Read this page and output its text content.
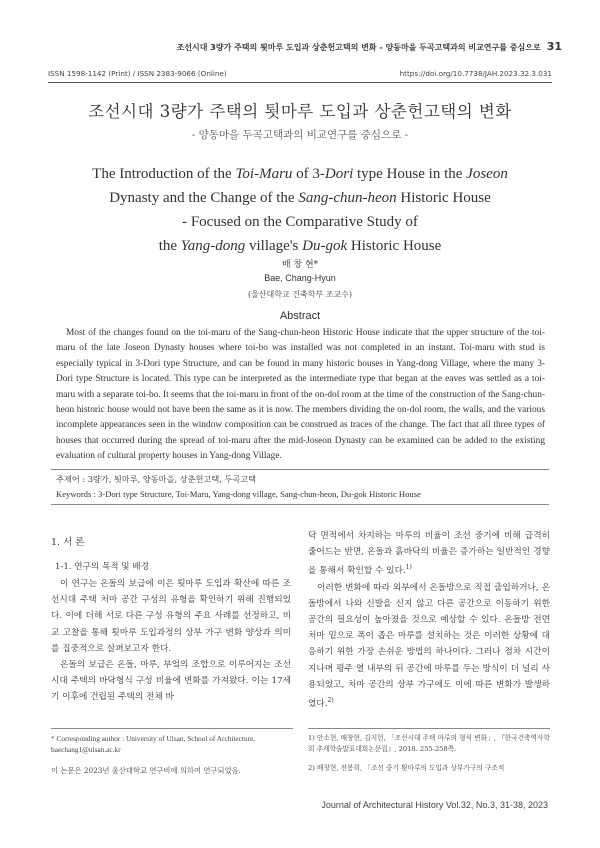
조선시대 3량가 주택의 툇마루 도입과 상춘헌고택의 변화 - 양동마을 두곡고택과의 비교연구를 중심으로 31
ISSN 1598-1142 (Print) / ISSN 2383-9066 (Online)	https://doi.org/10.7738/JAH.2023.32.3.031
조선시대 3량가 주택의 툇마루 도입과 상춘헌고택의 변화
- 양동마을 두곡고택과의 비교연구를 중심으로 -
The Introduction of the Toi-Maru of 3-Dori type House in the Joseon
Dynasty and the Change of the Sang-chun-heon Historic House
- Focused on the Comparative Study of
the Yang-dong village's Du-gok Historic House
배 창 현*
Bae, Chang-Hyun
(울산대학교 건축학부 조교수)
Abstract
Most of the changes found on the toi-maru of the Sang-chun-heon Historic House indicate that the upper structure of the toi-maru of the late Joseon Dynasty houses where toi-bo was installed was not completed in an instant. Toi-maru with stud is especially typical in 3-Dori type Structure, and can be found in many historic houses in Yang-dong Village, where the many 3-Dori type Structure is located. This type can be interpreted as the intermediate type that began at the eaves was settled as a toi-maru with a separate toi-bo. It seems that the toi-maru in front of the on-dol room at the time of the construction of the Sang-chun-heon historic house would not have been the same as it is now. The members dividing the on-dol room, the walls, and the various incomplete appearances seen in the window composition can be construed as traces of the change. The fact that all three types of houses that occurred during the spread of toi-maru after the mid-Joseon Dynasty can be examined can be added to the existing evaluation of cultural property houses in Yang-dong Village.
주제어 : 3량가, 툇마루, 양동마을, 상춘헌고택, 두곡고택
Keywords : 3-Dori type Structure, Toi-Maru, Yang-dong village, Sang-chun-heon, Du-gok Historic House
1. 서 론
1-1. 연구의 목적 및 배경

이 연구는 온돌의 보급에 이은 툇마루 도입과 확산에 따른 조선시대 주택 처마 공간 구성의 유형을 확인하기 위해 진행되었다. 이에 더해 서로 다른 구성 유형의 주요 사례를 선정하고, 비교 고찰을 통해 툇마루 도입과정의 상부 가구 변화 양상과 의미를 집중적으로 살펴보고자 한다.

온돌의 보급은 온돌, 마루, 부엌의 조합으로 이루어지는 조선시대 주택의 바닥형식 구성 비율에 변화를 가져왔다. 이는 17세기 이후에 건립된 주택의 전체 바

닥 면적에서 차지하는 마루의 비율이 조선 중기에 비해 급격히 줄어드는 반면, 온돌과 흙바닥의 비율은 증가하는 일반적인 경향을 통해서 확인할 수 있다.$^{1)}$

이러한 변화에 따라 외부에서 온돌방으로 직접 출입하거나, 온돌방에서 나와 신발을 신지 않고 다른 공간으로 이동하기 위한 공간의 필요성이 높아졌을 것으로 예상할 수 있다. 온돌방 전면 처마 밑으로 폭이 좁은 마루를 설치하는 것은 이러한 상황에 대응하기 위한 가장 손쉬운 방법의 하나이다. 그러나 점차 시간이 지나며 평주 열 내부의 뒤 공간에 마루를 두는 방식이 더 널리 사용되었고, 처마 공간의 상부 가구에도 이에 따른 변화가 발생하였다.$^{2)}$

* Corresponding author : University of Ulsan, School of Architecture, baechang1@ulsan.ac.kr
이 논문은 2023년 울산대학교 연구비에 의하여 연구되었음.

1) 안소현, 배창현, 김지헌, 「조선시대 주택 마루의 형식 변화」, 『한국건축역사학회 추계학술발표대회논문집』, 2018. 255-258쪽.

2) 배창현, 전봉희, 「조선 중기 툇마루의 도입과 상부가구의 구조적

Journal of Architectural History Vol.32, No.3, 31-38, 2023
